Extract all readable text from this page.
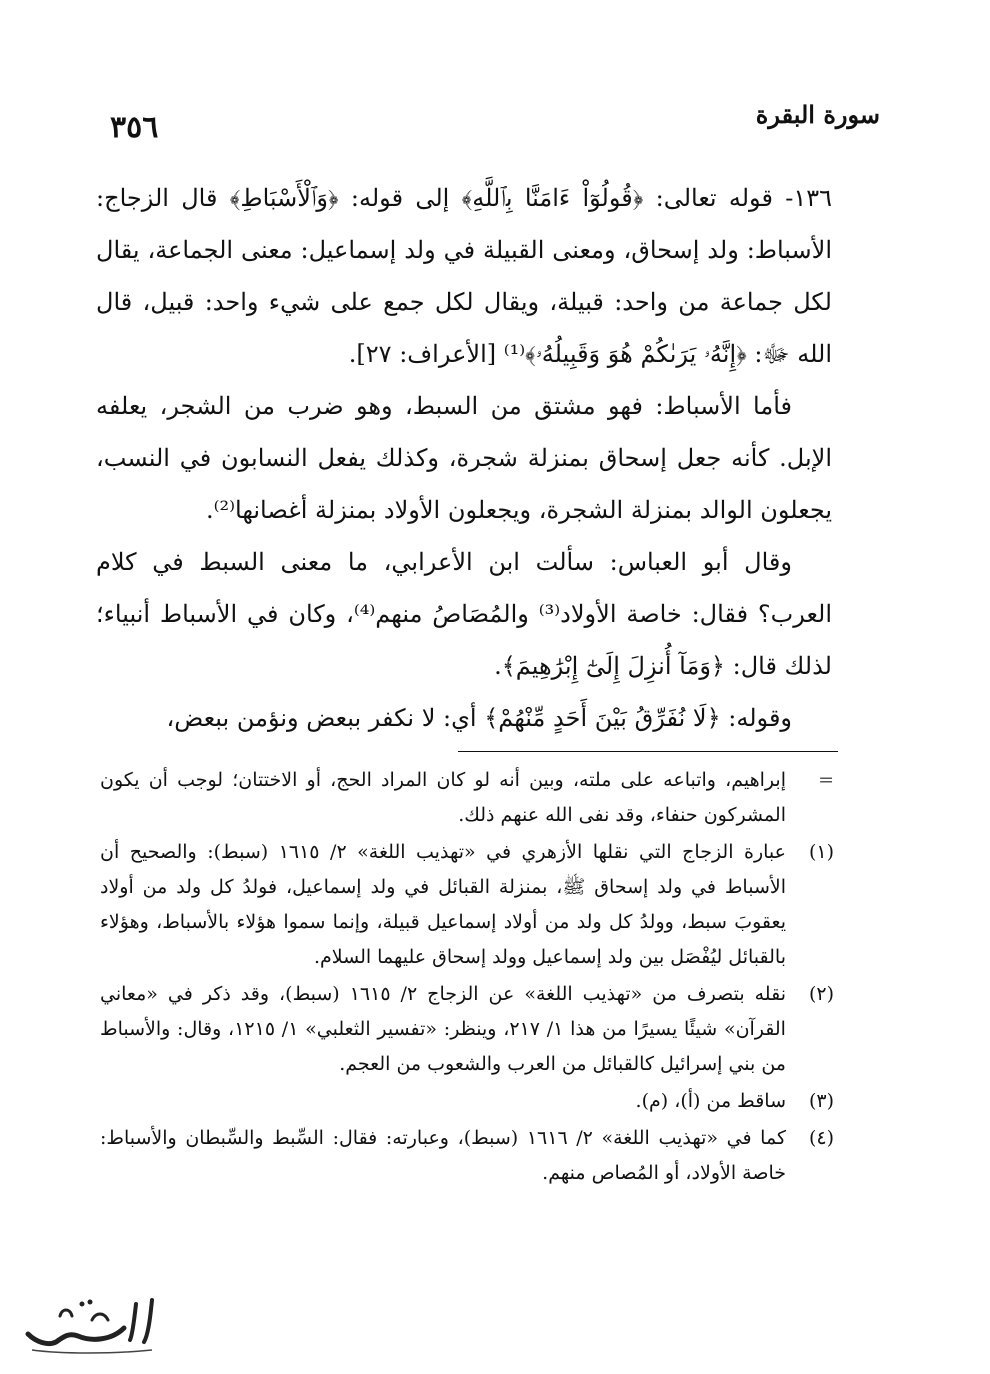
سورة البقرة
٣٥٦

١٣٦- قوله تعالى: ﴿قُولُوٓاْ ءَامَنَّا بِٱللَّهِ﴾ إلى قوله: ﴿وَٱلْأَسْبَاطِ﴾ قال الزجاج: الأسباط: ولد إسحاق، ومعنى القبيلة في ولد إسماعيل: معنى الجماعة، يقال لكل جماعة من واحد: قبيلة، ويقال لكل جمع على شيء واحد: قبيل، قال الله ﷻ: ﴿إِنَّهُۥ يَرَىٰكُمْ هُوَ وَقَبِيلُهُۥ﴾⁽¹⁾ [الأعراف: ٢٧].

فأما الأسباط: فهو مشتق من السبط، وهو ضرب من الشجر، يعلفه الإبل. كأنه جعل إسحاق بمنزلة شجرة، وكذلك يفعل النسابون في النسب، يجعلون الوالد بمنزلة الشجرة، ويجعلون الأولاد بمنزلة أغصانها⁽²⁾.

وقال أبو العباس: سألت ابن الأعرابي، ما معنى السبط في كلام العرب؟ فقال: خاصة الأولاد⁽³⁾ والمُصَاصُ منهم⁽⁴⁾، وكان في الأسباط أنبياء؛ لذلك قال: ﴿وَمَآ أُنزِلَ إِلَىٰٓ إِبْرَٰهِيمَ﴾.

وقوله: ﴿لَا نُفَرِّقُ بَيْنَ أَحَدٍ مِّنْهُمْ﴾ أي: لا نكفر ببعض ونؤمن ببعض،

=
إبراهيم، واتباعه على ملته، وبين أنه لو كان المراد الحج، أو الاختتان؛ لوجب أن يكون المشركون حنفاء، وقد نفى الله عنهم ذلك.
(١)
عبارة الزجاج التي نقلها الأزهري في «تهذيب اللغة» ٢/ ١٦١٥ (سبط): والصحيح أن الأسباط في ولد إسحاق ﷺ، بمنزلة القبائل في ولد إسماعيل، فولدُ كل ولد من أولاد يعقوبَ سبط، وولدُ كل ولد من أولاد إسماعيل قبيلة، وإنما سموا هؤلاء بالأسباط، وهؤلاء بالقبائل ليُفْصَل بين ولد إسماعيل وولد إسحاق عليهما السلام.
(٢)
نقله بتصرف من «تهذيب اللغة» عن الزجاج ٢/ ١٦١٥ (سبط)، وقد ذكر في «معاني القرآن» شيئًا يسيرًا من هذا ١/ ٢١٧، وينظر: «تفسير الثعلبي» ١/ ١٢١٥، وقال: والأسباط من بني إسرائيل كالقبائل من العرب والشعوب من العجم.
(٣)
ساقط من (أ)، (م).
(٤)
كما في «تهذيب اللغة» ٢/ ١٦١٦ (سبط)، وعبارته: فقال: السِّبط والسِّبطان والأسباط: خاصة الأولاد، أو المُصاص منهم.
